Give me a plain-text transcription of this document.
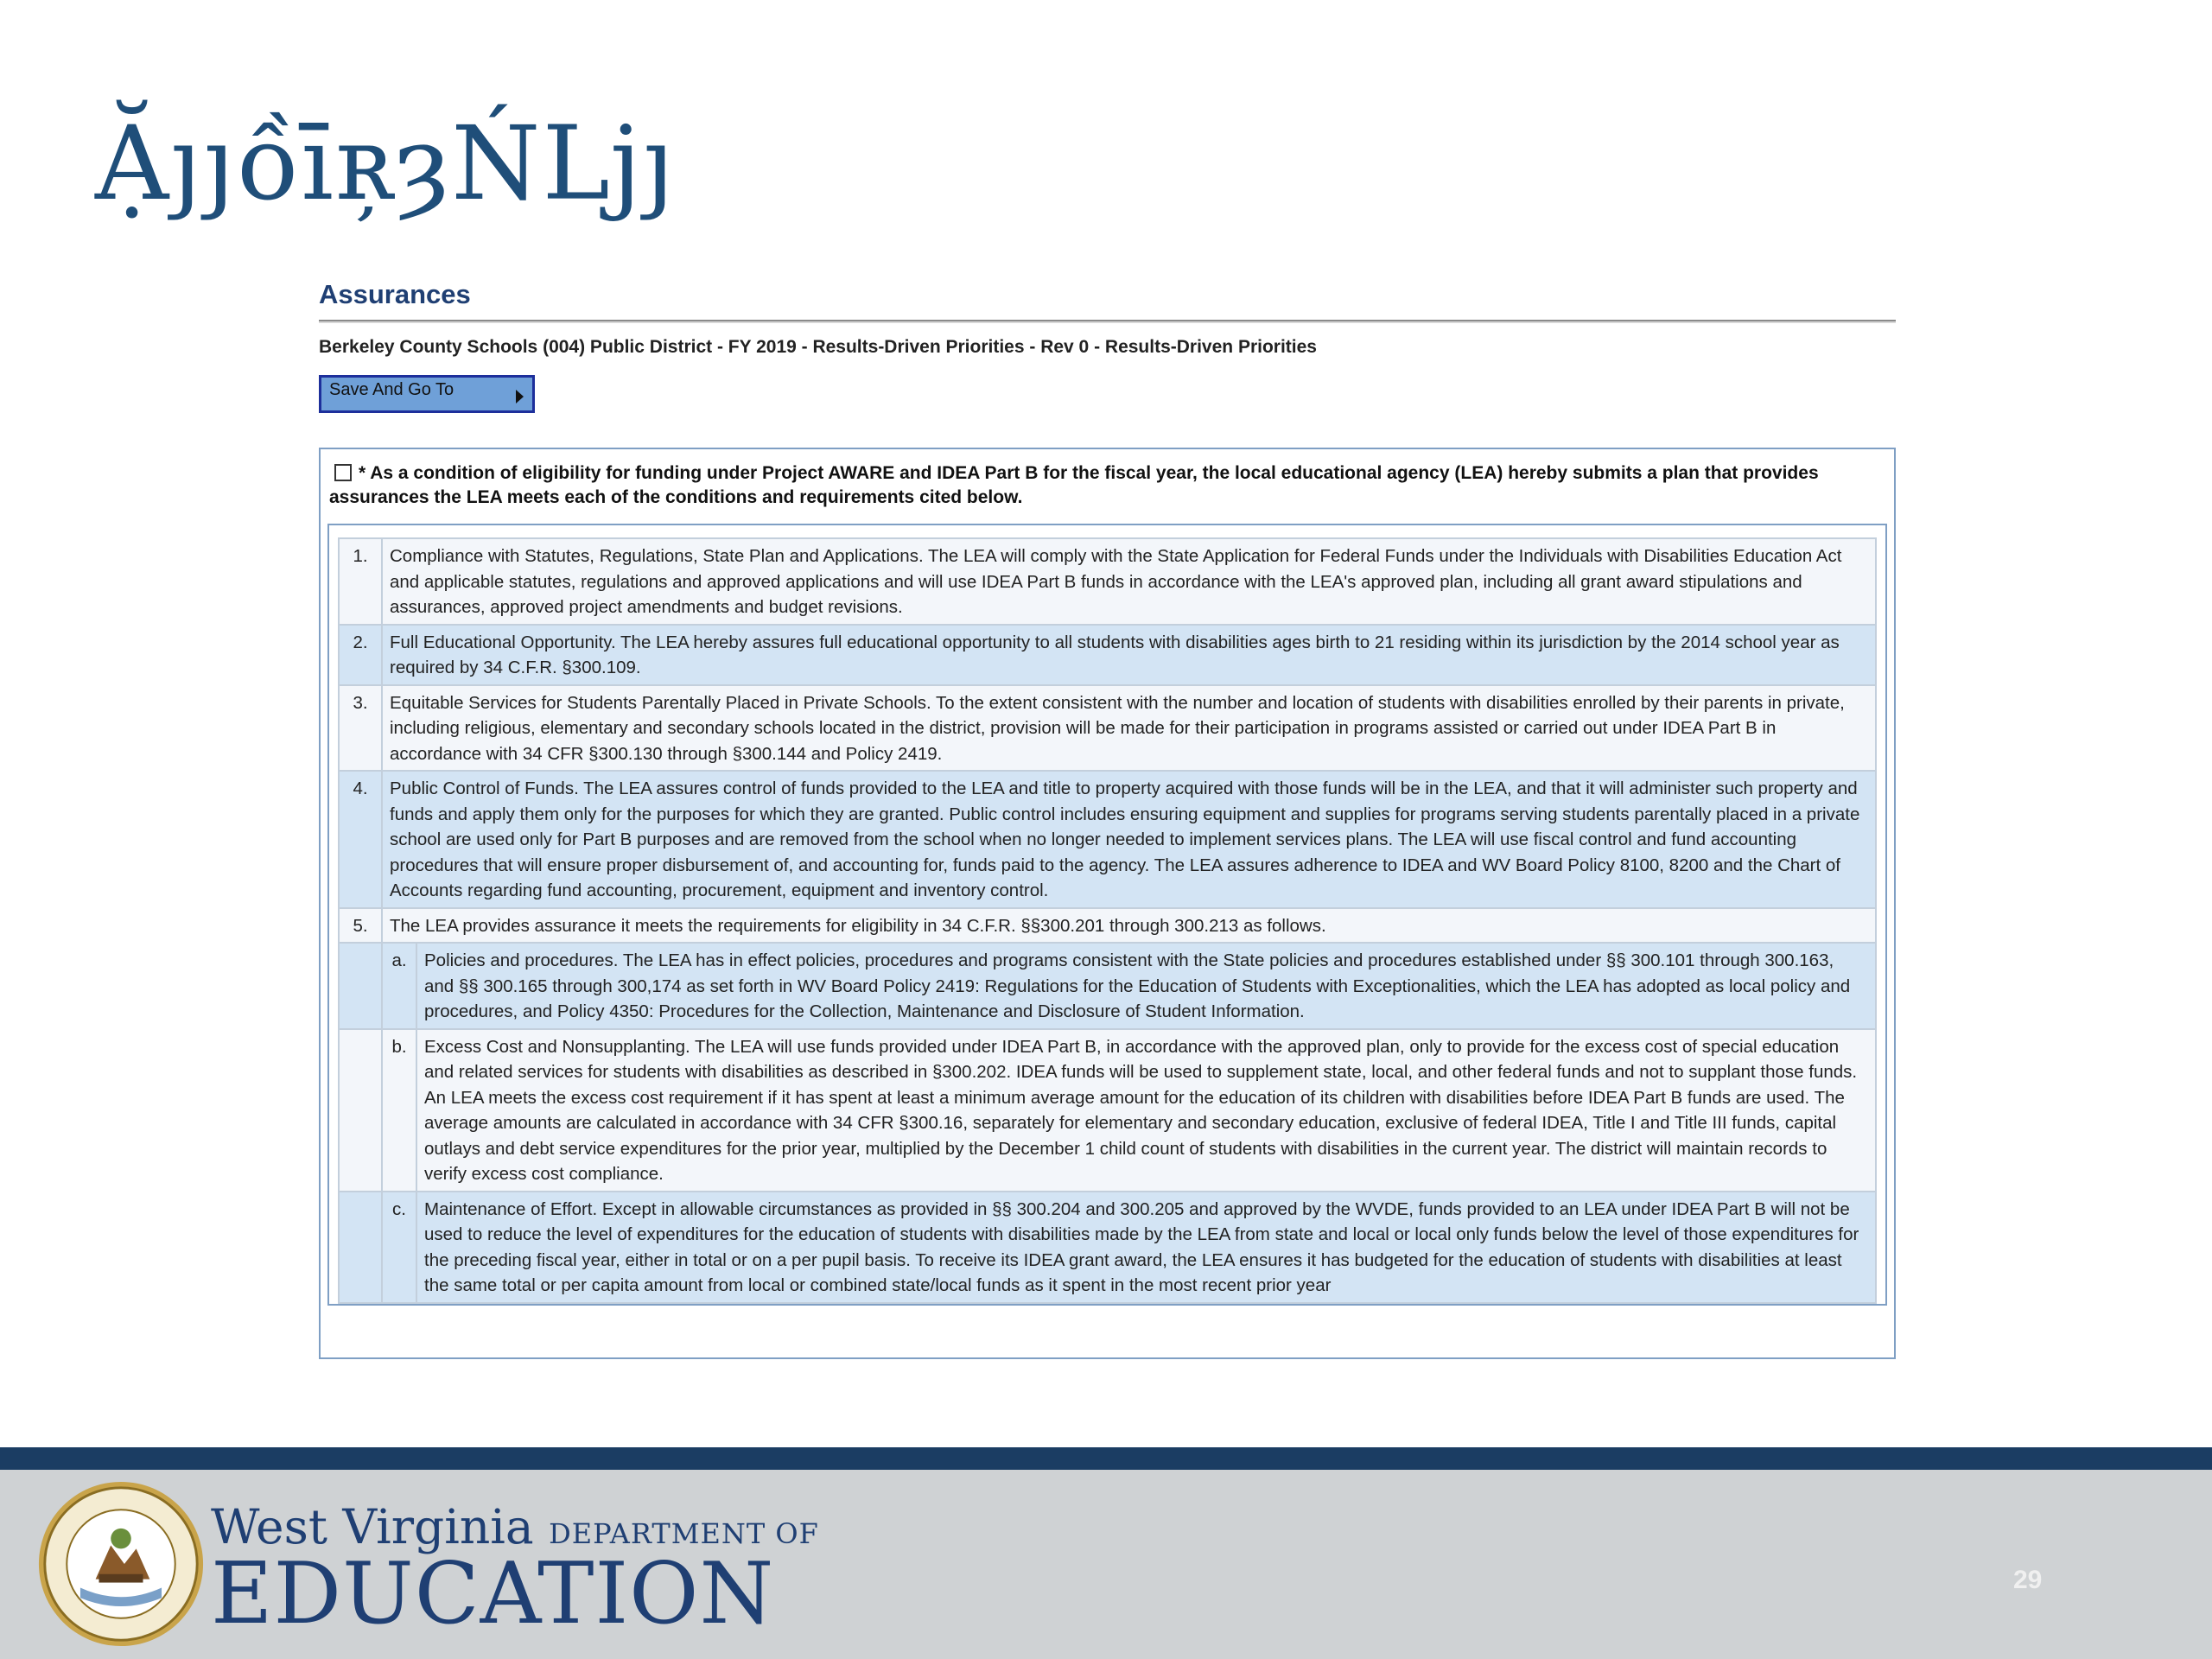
Ặյյồīʀ̦ȝŃǈյ
Assurances
Berkeley County Schools (004) Public District - FY 2019 - Results-Driven Priorities - Rev 0 - Results-Driven Priorities
Save And Go To
* As a condition of eligibility for funding under Project AWARE and IDEA Part B for the fiscal year, the local educational agency (LEA) hereby submits a plan that provides assurances the LEA meets each of the conditions and requirements cited below.
1.	Compliance with Statutes, Regulations, State Plan and Applications. The LEA will comply with the State Application for Federal Funds under the Individuals with Disabilities Education Act and applicable statutes, regulations and approved applications and will use IDEA Part B funds in accordance with the LEA's approved plan, including all grant award stipulations and assurances, approved project amendments and budget revisions.	
2.	Full Educational Opportunity. The LEA hereby assures full educational opportunity to all students with disabilities ages birth to 21 residing within its jurisdiction by the 2014 school year as required by 34 C.F.R. §300.109.	
3.	Equitable Services for Students Parentally Placed in Private Schools. To the extent consistent with the number and location of students with disabilities enrolled by their parents in private, including religious, elementary and secondary schools located in the district, provision will be made for their participation in programs assisted or carried out under IDEA Part B in accordance with 34 CFR §300.130 through §300.144 and Policy 2419.	
4.	Public Control of Funds. The LEA assures control of funds provided to the LEA and title to property acquired with those funds will be in the LEA, and that it will administer such property and funds and apply them only for the purposes for which they are granted. Public control includes ensuring equipment and supplies for programs serving students parentally placed in a private school are used only for Part B purposes and are removed from the school when no longer needed to implement services plans. The LEA will use fiscal control and fund accounting procedures that will ensure proper disbursement of, and accounting for, funds paid to the agency. The LEA assures adherence to IDEA and WV Board Policy 8100, 8200 and the Chart of Accounts regarding fund accounting, procurement, equipment and inventory control.	
5.	The LEA provides assurance it meets the requirements for eligibility in 34 C.F.R. §§300.201 through 300.213 as follows.	
	a.	Policies and procedures. The LEA has in effect policies, procedures and programs consistent with the State policies and procedures established under §§ 300.101 through 300.163, and §§ 300.165 through 300,174 as set forth in WV Board Policy 2419: Regulations for the Education of Students with Exceptionalities, which the LEA has adopted as local policy and procedures, and Policy 4350: Procedures for the Collection, Maintenance and Disclosure of Student Information.
	b.	Excess Cost and Nonsupplanting. The LEA will use funds provided under IDEA Part B, in accordance with the approved plan, only to provide for the excess cost of special education and related services for students with disabilities as described in §300.202. IDEA funds will be used to supplement state, local, and other federal funds and not to supplant those funds. An LEA meets the excess cost requirement if it has spent at least a minimum average amount for the education of its children with disabilities before IDEA Part B funds are used. The average amounts are calculated in accordance with 34 CFR §300.16, separately for elementary and secondary education, exclusive of federal IDEA, Title I and Title III funds, capital outlays and debt service expenditures for the prior year, multiplied by the December 1 child count of students with disabilities in the current year. The district will maintain records to verify excess cost compliance.
	c.	Maintenance of Effort. Except in allowable circumstances as provided in §§ 300.204 and 300.205 and approved by the WVDE, funds provided to an LEA under IDEA Part B will not be used to reduce the level of expenditures for the education of students with disabilities made by the LEA from state and local or local only funds below the level of those expenditures for the preceding fiscal year, either in total or on a per pupil basis. To receive its IDEA grant award, the LEA ensures it has budgeted for the education of students with disabilities at least the same total or per capita amount from local or combined state/local funds as it spent in the most recent prior year
West Virginia DEPARTMENT OF
EDUCATION	29
